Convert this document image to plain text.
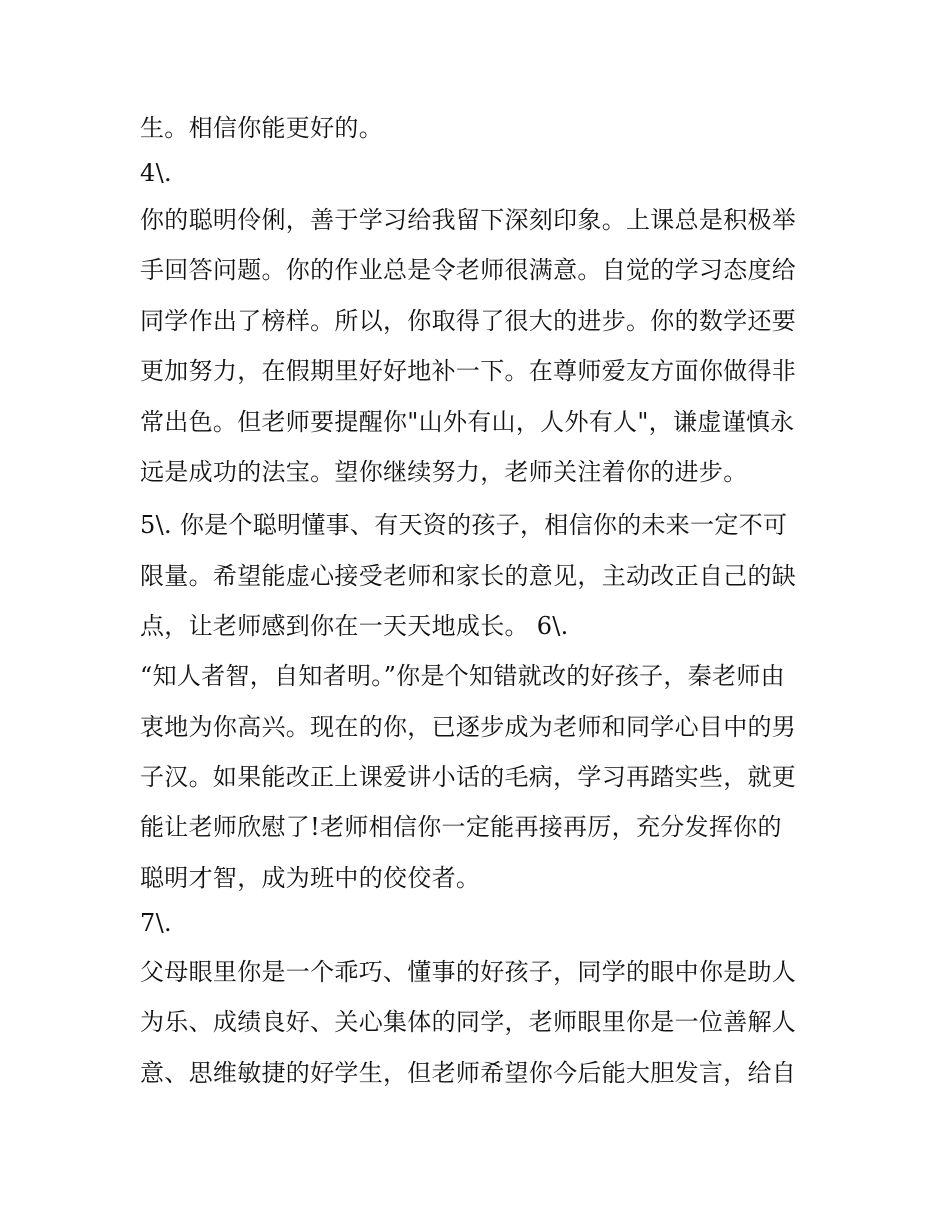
生。相信你能更好的。

4\.

你的聪明伶俐，善于学习给我留下深刻印象。上课总是积极举

手回答问题。你的作业总是令老师很满意。自觉的学习态度给

同学作出了榜样。所以，你取得了很大的进步。你的数学还要

更加努力，在假期里好好地补一下。在尊师爱友方面你做得非

常出色。但老师要提醒你"山外有山，人外有人"，谦虚谨慎永

远是成功的法宝。望你继续努力，老师关注着你的进步。

5\. 你是个聪明懂事、有天资的孩子，相信你的未来一定不可

限量。希望能虚心接受老师和家长的意见，主动改正自己的缺

点，让老师感到你在一天天地成长。 6\.

“知人者智，自知者明。”你是个知错就改的好孩子，秦老师由

衷地为你高兴。现在的你，已逐步成为老师和同学心目中的男

子汉。如果能改正上课爱讲小话的毛病，学习再踏实些，就更

能让老师欣慰了!老师相信你一定能再接再厉，充分发挥你的

聪明才智，成为班中的佼佼者。

7\.

父母眼里你是一个乖巧、懂事的好孩子，同学的眼中你是助人

为乐、成绩良好、关心集体的同学，老师眼里你是一位善解人

意、思维敏捷的好学生，但老师希望你今后能大胆发言，给自
